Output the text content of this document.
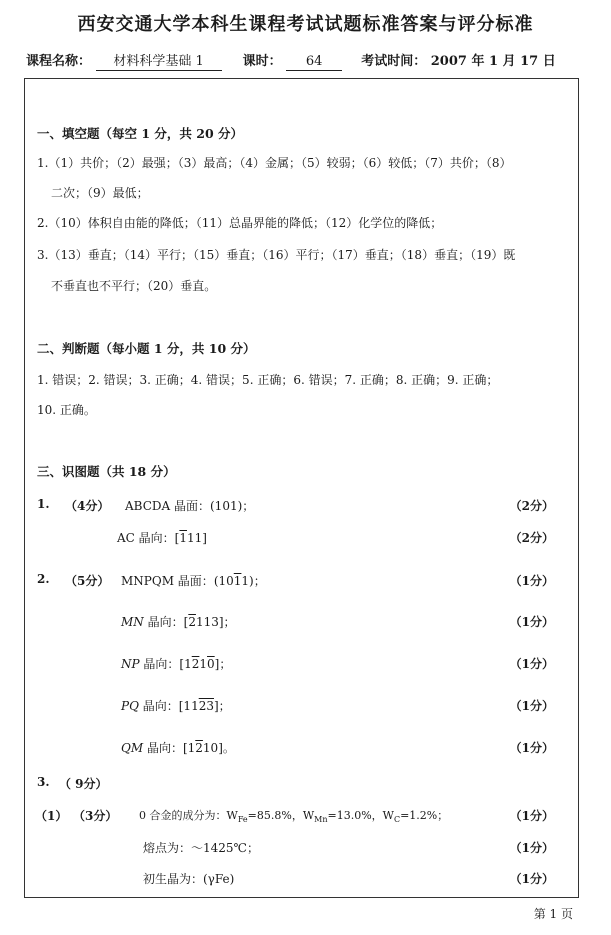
西安交通大学本科生课程考试试题标准答案与评分标准
课程名称： 材料科学基础 1	课时： 64	考试时间： 2007 年 1 月 17 日
一、填空题（每空 1 分，共 20 分）
1.（1）共价；（2）最强；（3）最高；（4）金属；（5）较弱；（6）较低；（7）共价；（8）
二次；（9）最低；
2.（10）体积自由能的降低；（11）总晶界能的降低；（12）化学位的降低；
3.（13）垂直；（14）平行；（15）垂直；（16）平行；（17）垂直；（18）垂直；（19）既
不垂直也不平行；（20）垂直。
二、判断题（每小题 1 分，共 10 分）
1. 错误；2. 错误；3. 正确；4. 错误；5. 正确；6. 错误；7. 正确；8. 正确；9. 正确；
10. 正确。
三、识图题（共 18 分）
1. （4分） ABCDA 晶面：(101)；	（2分）
AC 晶向：[111]	（2分）
2. （5分） MNPQM 晶面：(1011)；	（1分）
MN 晶向：[2113]；	（1分）
NP 晶向：[1210]；	（1分）
PQ 晶向：[1123]；	（1分）
QM 晶向：[1210]。	（1分）
3. （ 9分）
（1） （3分） 0 合金的成分为：$W_{Fe}=85.8\%$，$W_{Mn}=13.0\%$，$W_C=1.2\%$；	（1分）
熔点为：～1425℃；	（1分）
初生晶为：(γFe)	（1分）
第 1 页
